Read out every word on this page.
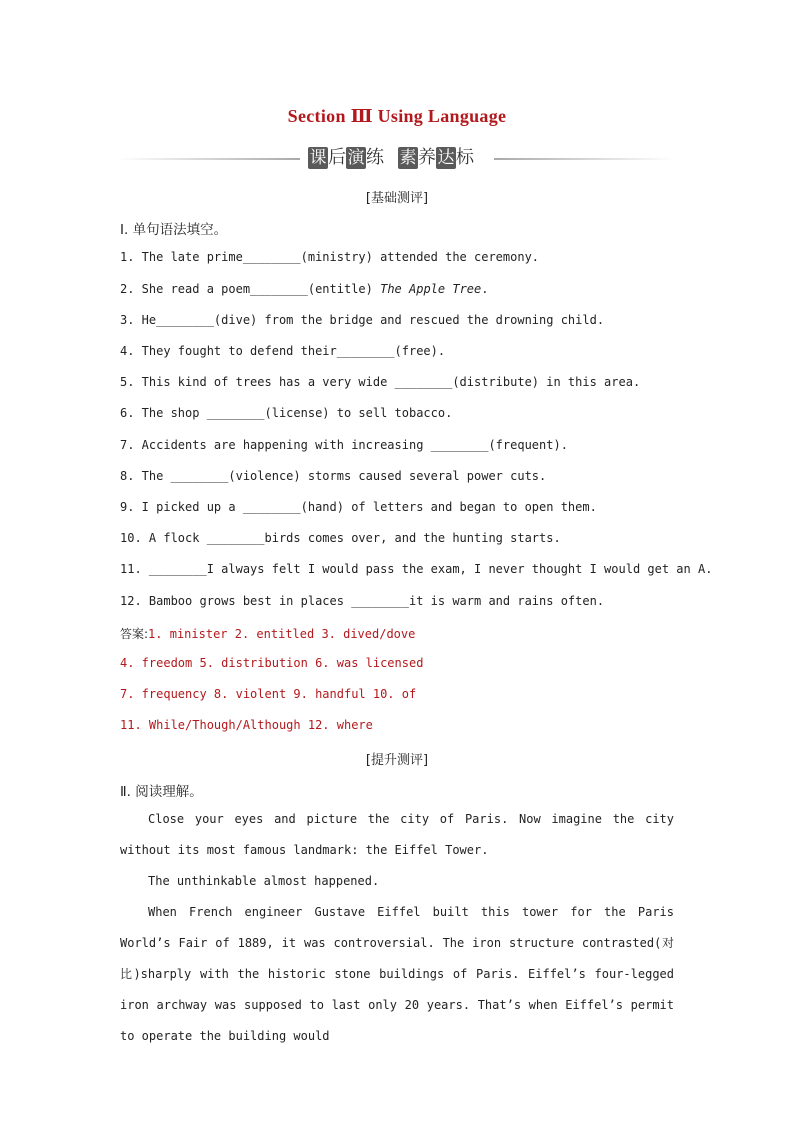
Section Ⅲ Using Language
课后演练 素养达标
[基础测评]
Ⅰ. 单句语法填空。
1. The late prime________(ministry) attended the ceremony.
2. She read a poem________(entitle) The Apple Tree.
3. He________(dive) from the bridge and rescued the drowning child.
4. They fought to defend their________(free).
5. This kind of trees has a very wide ________(distribute) in this area.
6. The shop ________(license) to sell tobacco.
7. Accidents are happening with increasing ________(frequent).
8. The ________(violence) storms caused several power cuts.
9. I picked up a ________(hand) of letters and began to open them.
10. A flock ________birds comes over, and the hunting starts.
11. ________I always felt I would pass the exam, I never thought I would get an A.
12. Bamboo grows best in places ________it is warm and rains often.
答案:1. minister 2. entitled 3. dived/dove
4. freedom 5. distribution 6. was licensed
7. frequency 8. violent 9. handful 10. of
11. While/Though/Although 12. where
[提升测评]
Ⅱ. 阅读理解。
Close your eyes and picture the city of Paris. Now imagine the city without its most famous landmark: the Eiffel Tower.
The unthinkable almost happened.
When French engineer Gustave Eiffel built this tower for the Paris World’s Fair of 1889, it was controversial. The iron structure contrasted(对比)sharply with the historic stone buildings of Paris. Eiffel’s four-legged iron archway was supposed to last only 20 years. That’s when Eiffel’s permit to operate the building would
